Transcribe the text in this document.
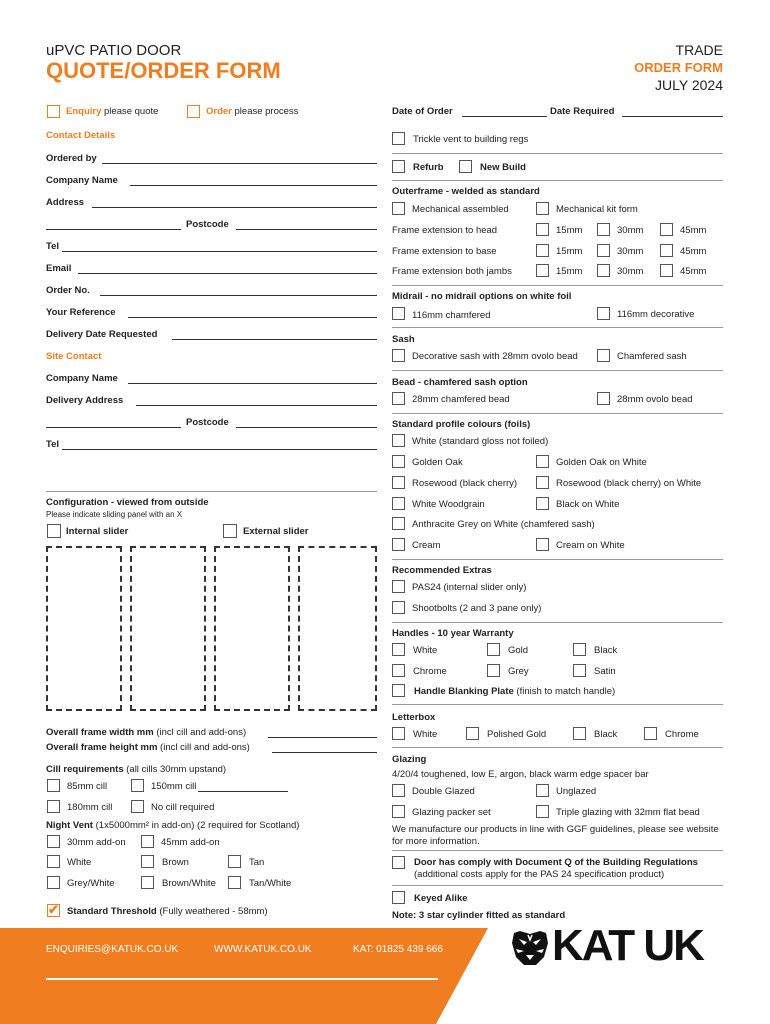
uPVC PATIO DOOR
QUOTE/ORDER FORM
TRADE
ORDER FORM
JULY 2024
Enquiry please quote	Order please process
Contact Details
Ordered by
Company Name
Address
Postcode
Tel
Email
Order No.
Your Reference
Delivery Date Requested
Site Contact
Company Name
Delivery Address
Postcode
Tel
Configuration - viewed from outside
Please indicate sliding panel with an X
Internal slider	External slider
Overall frame width mm (incl cill and add-ons)
Overall frame height mm (incl cill and add-ons)
Cill requirements (all cills 30mm upstand)
85mm cill	150mm cill
180mm cill	No cill required
Night Vent (1x5000mm² in add-on) (2 required for Scotland)
30mm add-on	45mm add-on
White	Brown	Tan
Grey/White	Brown/White	Tan/White
✔ Standard Threshold (Fully weathered - 58mm)
Date of Order	Date Required
Trickle vent to building regs
Refurb	New Build
Outerframe - welded as standard
Mechanical assembled	Mechanical kit form
Frame extension to head	15mm	30mm	45mm
Frame extension to base	15mm	30mm	45mm
Frame extension both jambs	15mm	30mm	45mm
Midrail - no midrail options on white foil
116mm chamfered	116mm decorative
Sash
Decorative sash with 28mm ovolo bead	Chamfered sash
Bead - chamfered sash option
28mm chamfered bead	28mm ovolo bead
Standard profile colours (foils)
White (standard gloss not foiled)
Golden Oak	Golden Oak on White
Rosewood (black cherry)	Rosewood (black cherry) on White
White Woodgrain	Black on White
Anthracite Grey on White (chamfered sash)
Cream	Cream on White
Recommended Extras
PAS24 (internal slider only)
Shootbolts (2 and 3 pane only)
Handles - 10 year Warranty
White	Gold	Black
Chrome	Grey	Satin
Handle Blanking Plate (finish to match handle)
Letterbox
White	Polished Gold	Black	Chrome
Glazing
4/20/4 toughened, low E, argon, black warm edge spacer bar
Double Glazed	Unglazed
Glazing packer set	Triple glazing with 32mm flat bead
We manufacture our products in line with GGF guidelines, please see website for more information.
Door has comply with Document Q of the Building Regulations
(additional costs apply for the PAS 24 specification product)
Keyed Alike
Note: 3 star cylinder fitted as standard
ENQUIRIES@KATUK.CO.UK	WWW.KATUK.CO.UK	KAT: 01825 439 666 KAT UK
